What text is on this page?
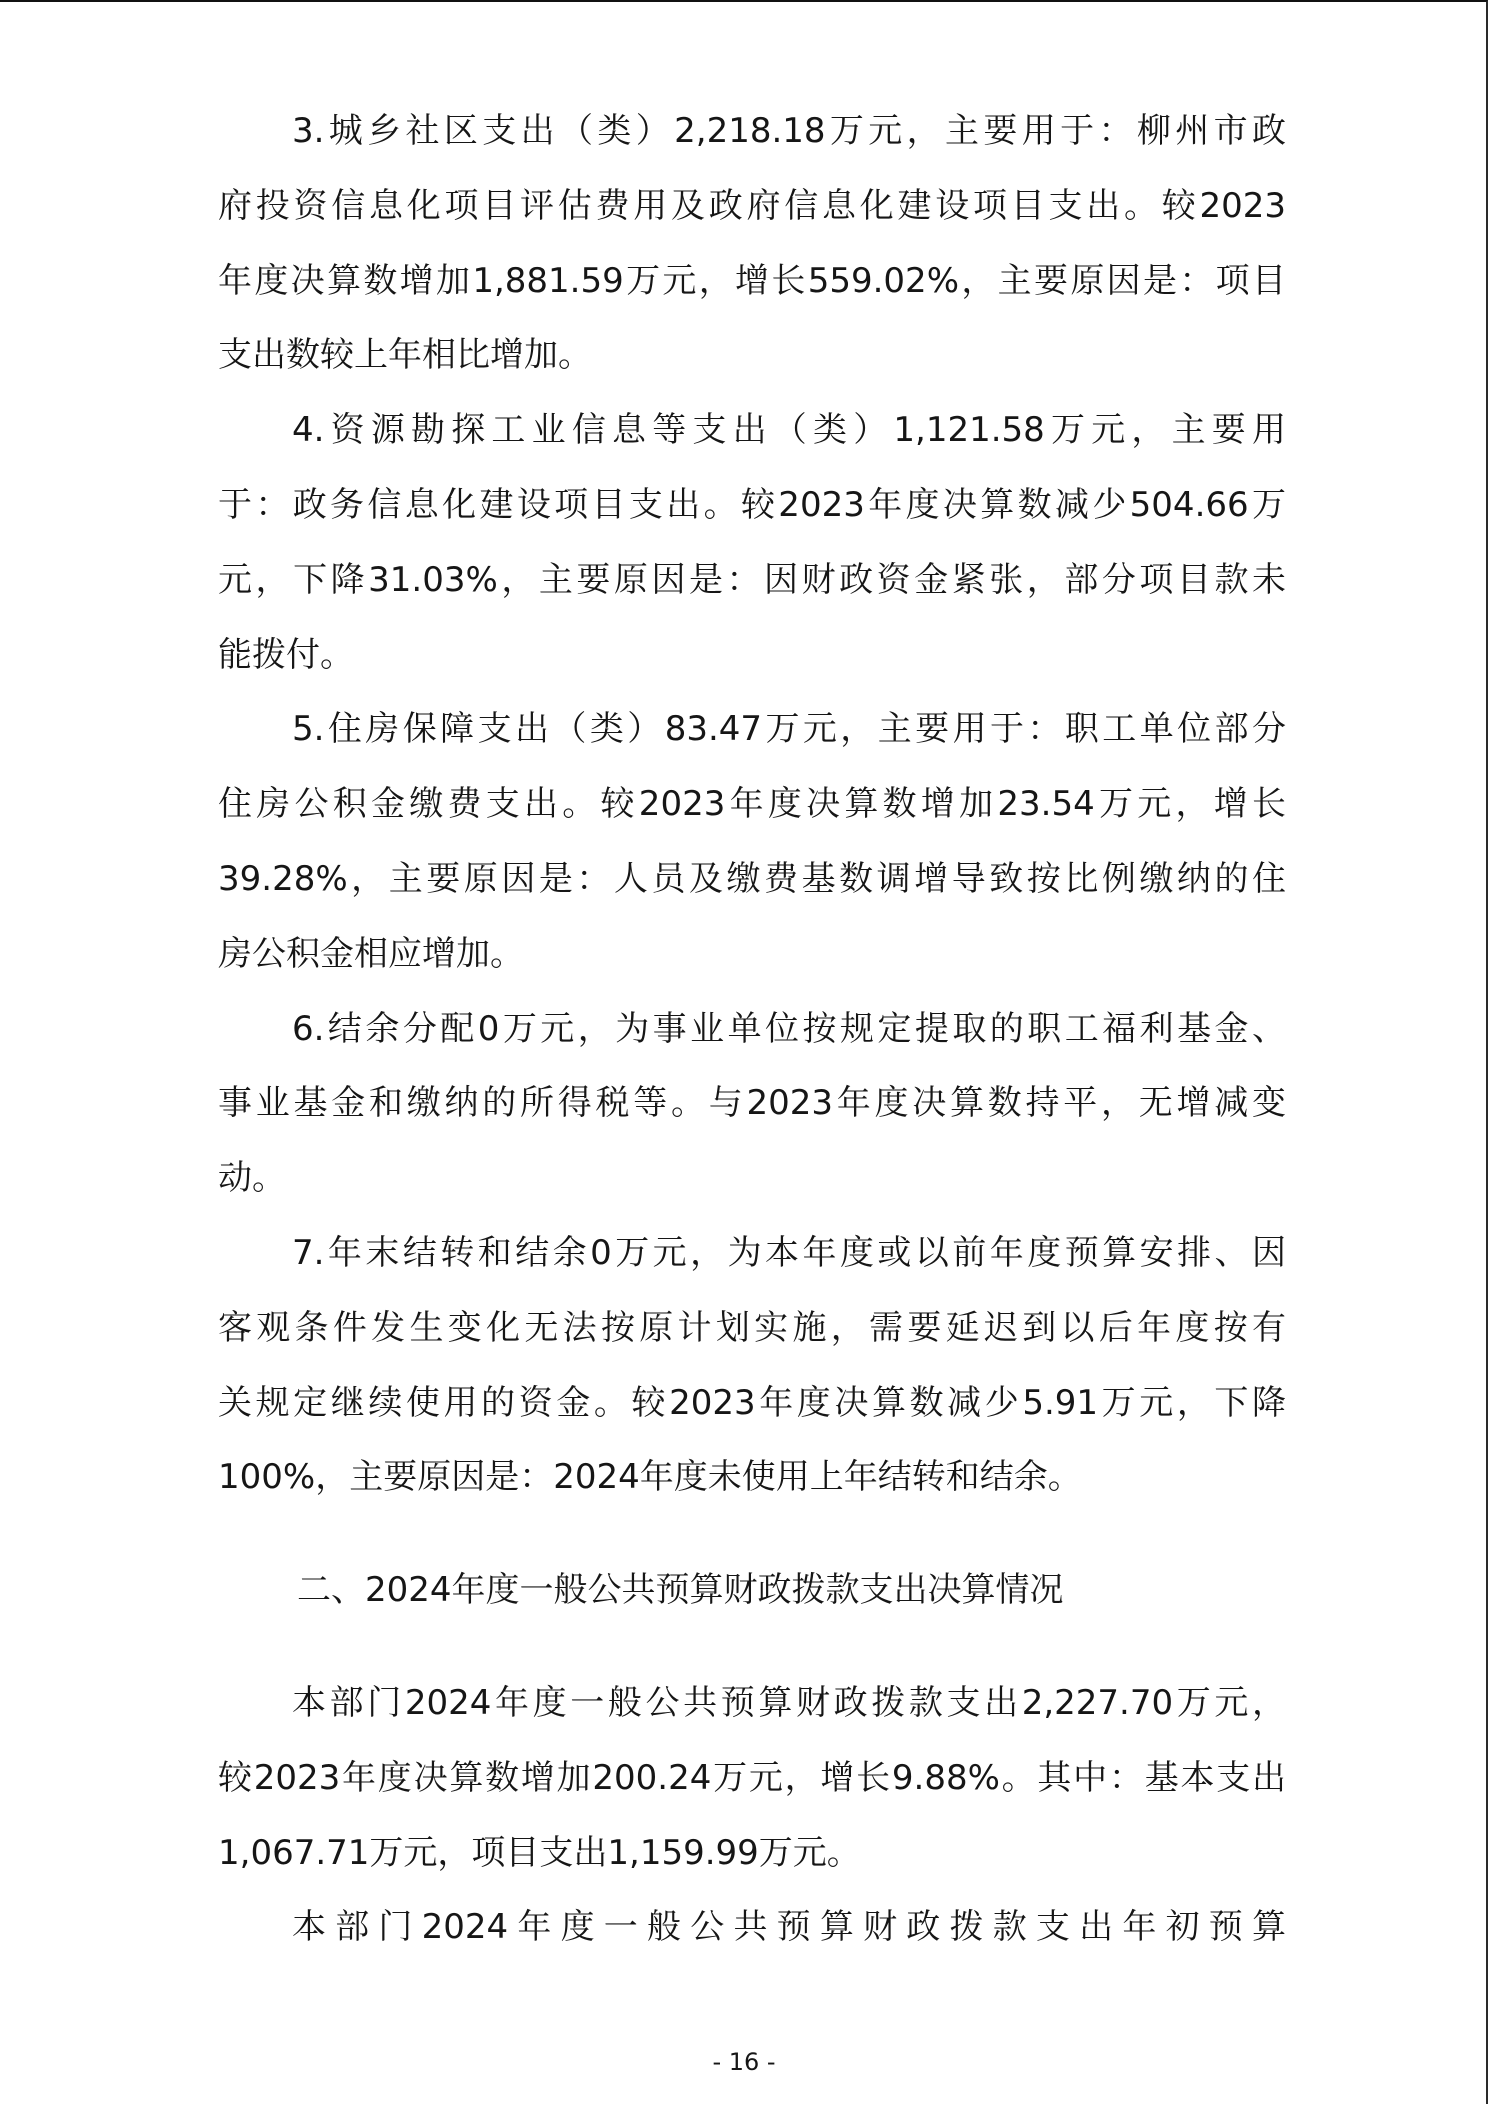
3.城乡社区支出（类）2,218.18万元，主要用于：柳州市政
府投资信息化项目评估费用及政府信息化建设项目支出。较2023
年度决算数增加1,881.59万元，增长559.02%，主要原因是：项目
支出数较上年相比增加。
4.资源勘探工业信息等支出（类）1,121.58万元，主要用
于：政务信息化建设项目支出。较2023年度决算数减少504.66万
元，下降31.03%，主要原因是：因财政资金紧张，部分项目款未
能拨付。
5.住房保障支出（类）83.47万元，主要用于：职工单位部分
住房公积金缴费支出。较2023年度决算数增加23.54万元，增长
39.28%，主要原因是：人员及缴费基数调增导致按比例缴纳的住
房公积金相应增加。
6.结余分配0万元，为事业单位按规定提取的职工福利基金、
事业基金和缴纳的所得税等。与2023年度决算数持平，无增减变
动。
7.年末结转和结余0万元，为本年度或以前年度预算安排、因
客观条件发生变化无法按原计划实施，需要延迟到以后年度按有
关规定继续使用的资金。较2023年度决算数减少5.91万元，下降
100%，主要原因是：2024年度未使用上年结转和结余。
二、2024年度一般公共预算财政拨款支出决算情况
本部门2024年度一般公共预算财政拨款支出2,227.70万元，
较2023年度决算数增加200.24万元，增长9.88%。其中：基本支出
1,067.71万元，项目支出1,159.99万元。
本部门2024年度一般公共预算财政拨款支出年初预算
- 16 -
